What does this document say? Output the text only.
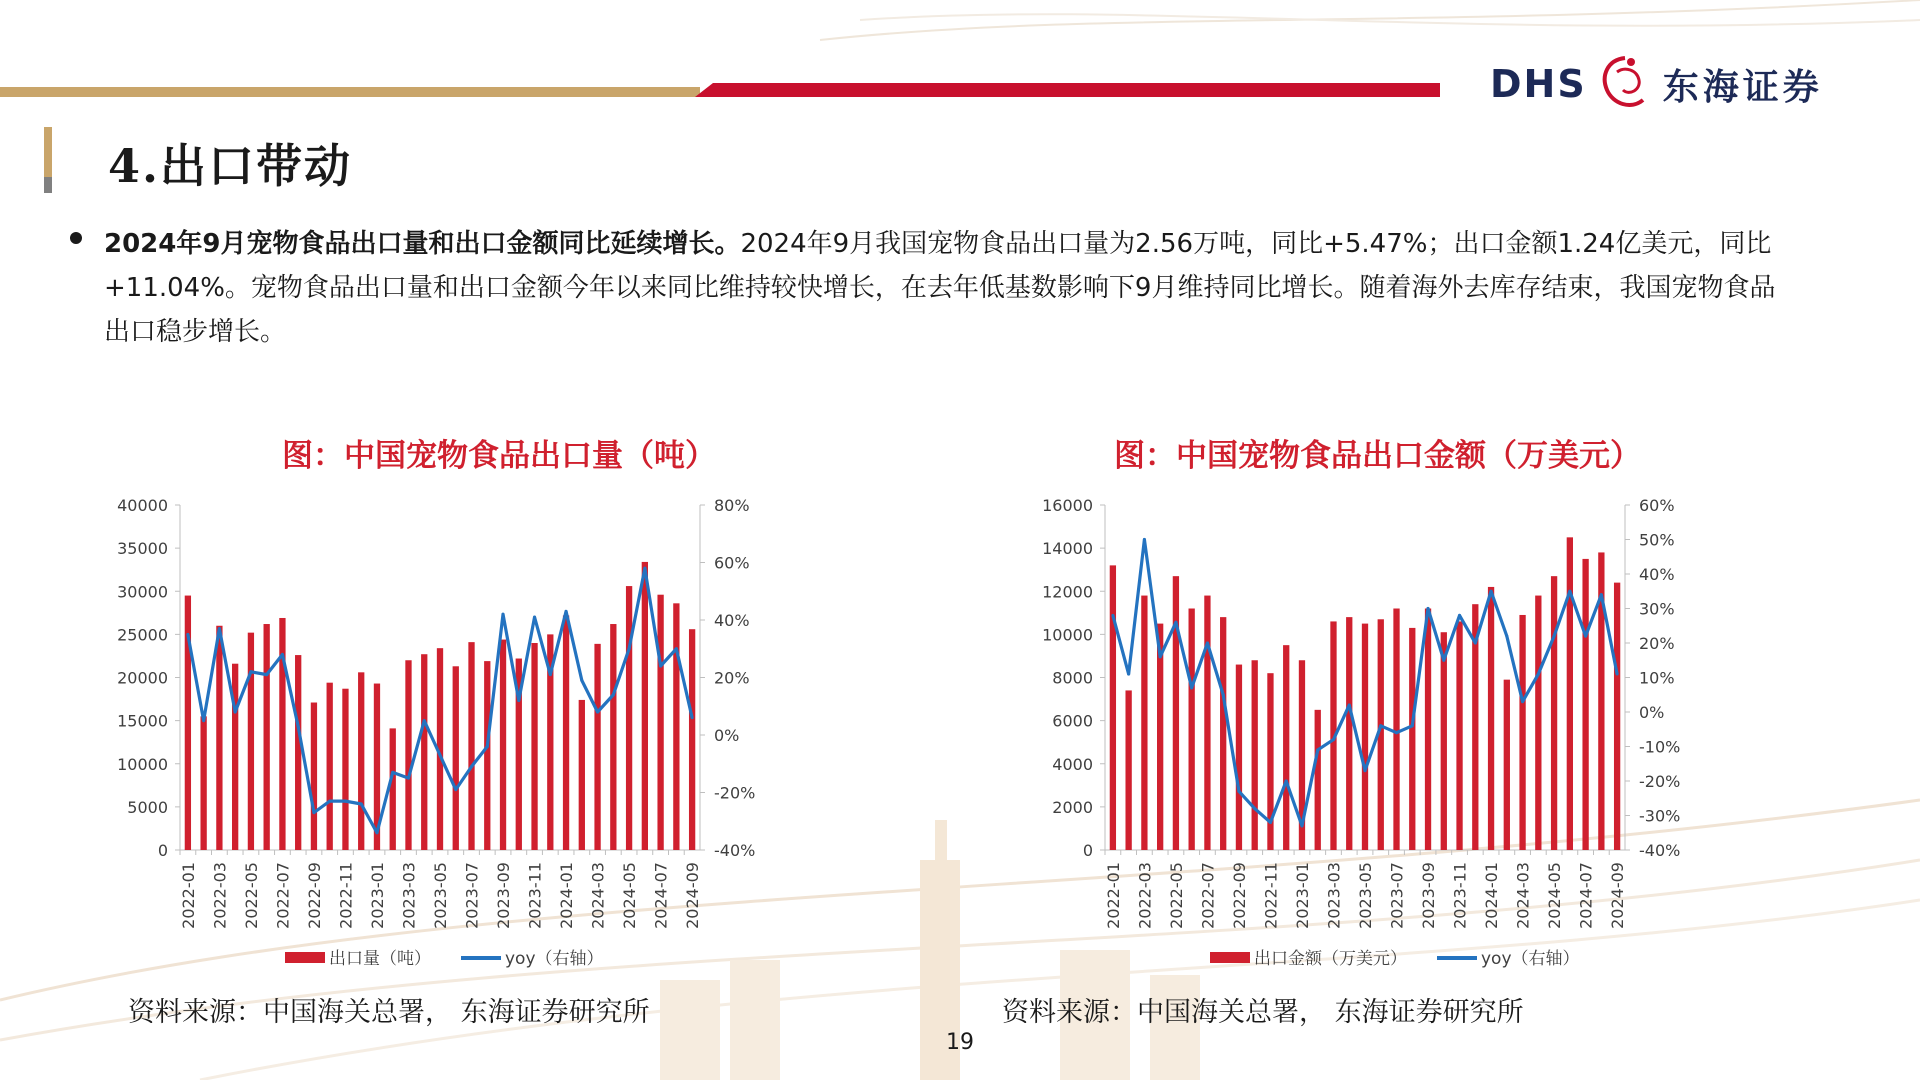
DHS 东海证券
4.出口带动
2024年9月宠物食品出口量和出口金额同比延续增长。2024年9月我国宠物食品出口量为2.56万吨，同比+5.47%；出口金额1.24亿美元，同比+11.04%。宠物食品出口量和出口金额今年以来同比维持较快增长，在去年低基数影响下9月维持同比增长。随着海外去库存结束，我国宠物食品出口稳步增长。
图：中国宠物食品出口量（吨）	图：中国宠物食品出口金额（万美元）
0
5000
10000
15000
20000
25000
30000
35000
40000
-40%
-20%
0%
20%
40%
60%
80%
2022-01 2022-03 2022-05 2022-07 2022-09 2022-11 2023-01 2023-03 2023-05 2023-07 2023-09 2023-11 2024-01 2024-03 2024-05 2024-07 2024-09
出口量（吨）	yoy（右轴）
0
2000
4000
6000
8000
10000
12000
14000
16000
-40%
-30%
-20%
-10%
0%
10%
20%
30%
40%
50%
60%
2022-01 2022-03 2022-05 2022-07 2022-09 2022-11 2023-01 2023-03 2023-05 2023-07 2023-09 2023-11 2024-01 2024-03 2024-05 2024-07 2024-09
出口金额（万美元）	yoy（右轴）
资料来源：中国海关总署， 东海证券研究所	资料来源：中国海关总署， 东海证券研究所
19
